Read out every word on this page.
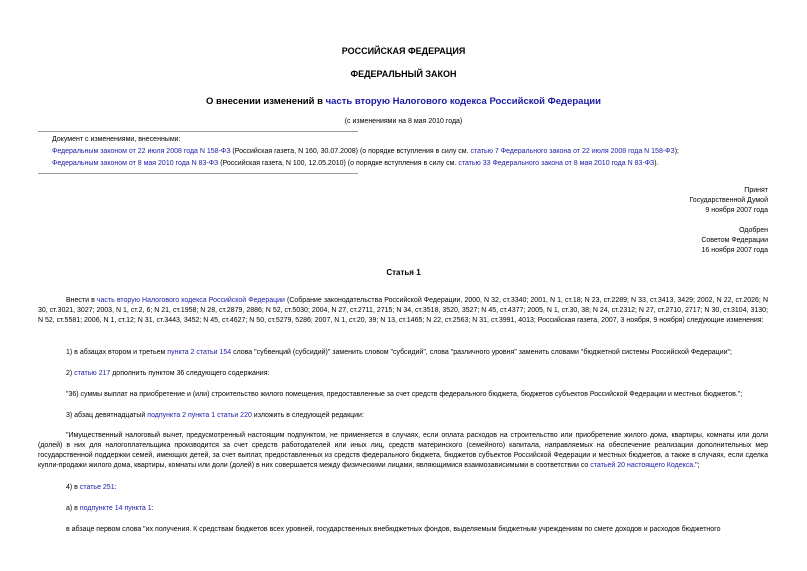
РОССИЙСКАЯ ФЕДЕРАЦИЯ
ФЕДЕРАЛЬНЫЙ ЗАКОН
О внесении изменений в часть вторую Налогового кодекса Российской Федерации
(с изменениями на 8 мая 2010 года)
Документ с изменениями, внесенными:
Федеральным законом от 22 июля 2008 года N 158-ФЗ (Российская газета, N 160, 30.07.2008) (о порядке вступления в силу см. статью 7 Федерального закона от 22 июля 2008 года N 158-ФЗ);
Федеральным законом от 8 мая 2010 года N 83-ФЗ (Российская газета, N 100, 12.05.2010) (о порядке вступления в силу см. статью 33 Федерального закона от 8 мая 2010 года N 83-ФЗ).
Принят
Государственной Думой
9 ноября 2007 года
Одобрен
Советом Федерации
16 ноября 2007 года
Статья 1
Внести в часть вторую Налогового кодекса Российской Федерации (Собрание законодательства Российской Федерации, 2000, N 32, ст.3340; 2001, N 1, ст.18; N 23, ст.2289; N 33, ст.3413, 3429; 2002, N 22, ст.2026; N 30, ст.3021, 3027; 2003, N 1, ст.2, 6; N 21, ст.1958; N 28, ст.2879, 2886; N 52, ст.5030; 2004, N 27, ст.2711, 2715; N 34, ст.3518, 3520, 3527; N 45, ст.4377; 2005, N 1, ст.30, 38; N 24, ст.2312; N 27, ст.2710, 2717; N 30, ст.3104, 3130; N 52, ст.5581; 2006, N 1, ст.12; N 31, ст.3443, 3452; N 45, ст.4627; N 50, ст.5279, 5286; 2007, N 1, ст.20, 39; N 13, ст.1465; N 22, ст.2563; N 31, ст.3991, 4013; Российская газета, 2007, 3 ноября, 9 ноября) следующие изменения:
1) в абзацах втором и третьем пункта 2 статьи 154 слова "субвенций (субсидий)" заменить словом "субсидий", слова "различного уровня" заменить словами "бюджетной системы Российской Федерации";
2) статью 217 дополнить пунктом 36 следующего содержания:
"36) суммы выплат на приобретение и (или) строительство жилого помещения, предоставленные за счет средств федерального бюджета, бюджетов субъектов Российской Федерации и местных бюджетов.";
3) абзац девятнадцатый подпункта 2 пункта 1 статьи 220 изложить в следующей редакции:
"Имущественный налоговый вычет, предусмотренный настоящим подпунктом, не применяется в случаях, если оплата расходов на строительство или приобретение жилого дома, квартиры, комнаты или доли (долей) в них для налогоплательщика производится за счет средств работодателей или иных лиц, средств материнского (семейного) капитала, направляемых на обеспечение реализации дополнительных мер государственной поддержки семей, имеющих детей, за счет выплат, предоставленных из средств федерального бюджета, бюджетов субъектов Российской Федерации и местных бюджетов, а также в случаях, если сделка купли-продажи жилого дома, квартиры, комнаты или доли (долей) в них совершается между физическими лицами, являющимися взаимозависимыми в соответствии со статьей 20 настоящего Кодекса.";
4) в статье 251:
а) в подпункте 14 пункта 1:
в абзаце первом слова "их получения. К средствам бюджетов всех уровней, государственных внебюджетных фондов, выделяемым бюджетным учреждениям по смете доходов и расходов бюджетного
